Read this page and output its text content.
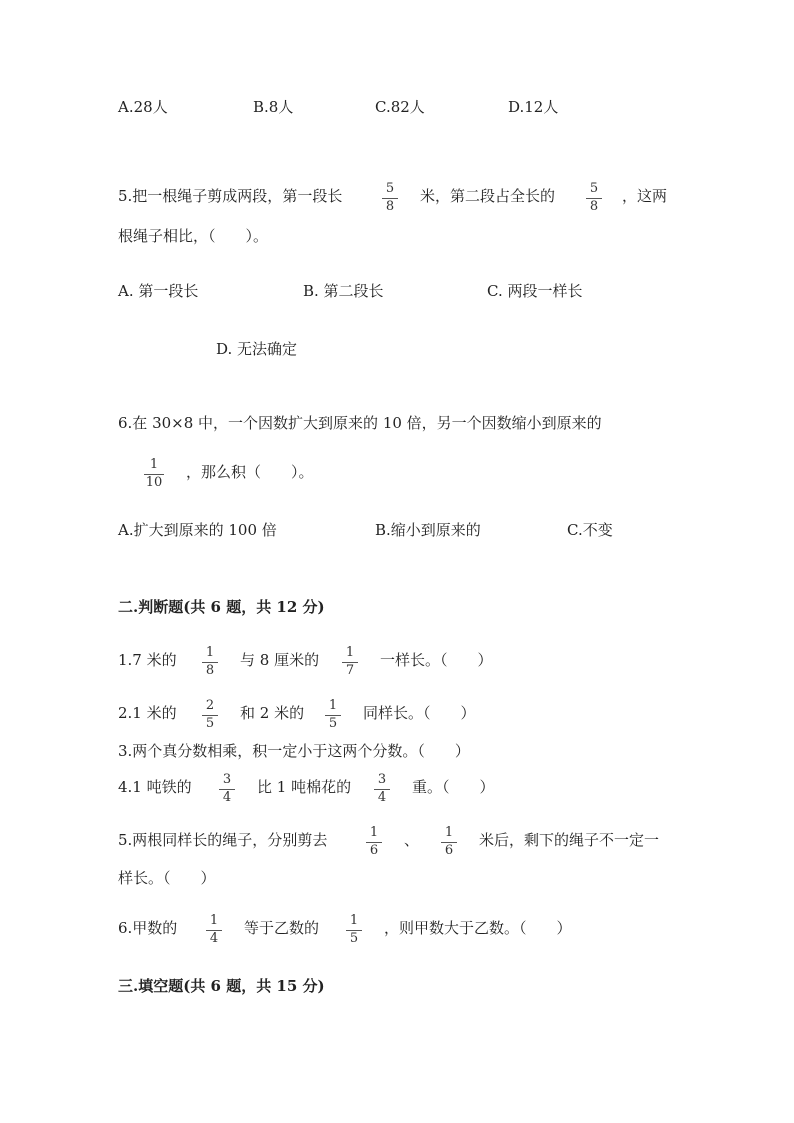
A.28人	B.8人	C.82人	D.12人
5.把一根绳子剪成两段，第一段长	5
8
米，第二段占全长的	5
8
，这两
根绳子相比，（　　）。
A. 第一段长	B. 第二段长	C. 两段一样长
D. 无法确定
6.在 30×8 中，一个因数扩大到原来的 10 倍，另一个因数缩小到原来的
1
10
，那么积（　　）。
A.扩大到原来的 100 倍	B.缩小到原来的	C.不变
二.判断题(共 6 题，共 12 分)
1.7 米的	1
8
与 8 厘米的	1
7
一样长。（　　）
2.1 米的	2
5
和 2 米的	1
5
同样长。（　　）
3.两个真分数相乘，积一定小于这两个分数。（　　）
4.1 吨铁的	3
4
比 1 吨棉花的	3
4
重。（　　）
5.两根同样长的绳子，分别剪去	1
6
、	1
6
米后，剩下的绳子不一定一
样长。（　　）
6.甲数的	1
4
等于乙数的	1
5
，则甲数大于乙数。（　　）
三.填空题(共 6 题，共 15 分)
